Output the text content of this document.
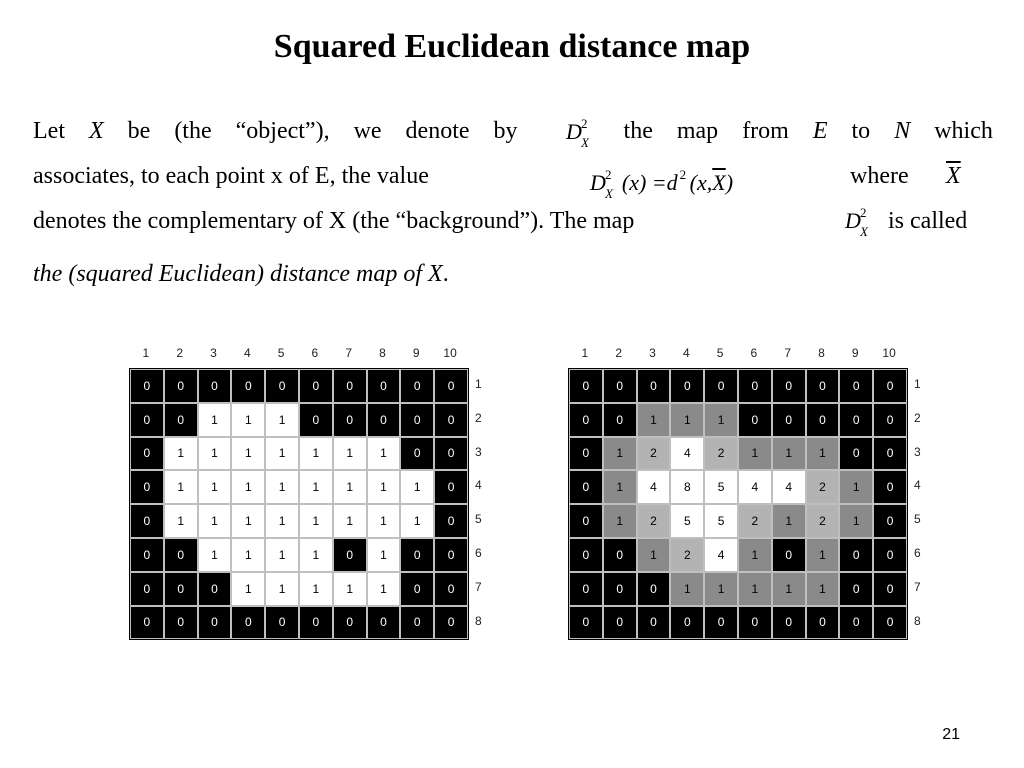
Squared Euclidean distance map
Let X be (the “object”), we denote by	the map from E to N which
D 2
X
associates, to each point x of E, the value	D 2
X (x) =d 2 $(x,\overline{X})$	where $\overline{X}$
denotes the complementary of X (the “background”). The map	D 2
X is called
the (squared Euclidean) distance map of X.
1	2	3	4	5	6	7	8	9	10
0	0	0	0	0	0	0	0	0	0
0	0	1	1	1	0	0	0	0	0
0	1	1	1	1	1	1	1	0	0
0	1	1	1	1	1	1	1	1	0
0	1	1	1	1	1	1	1	1	0
0	0	1	1	1	1	0	1	0	0
0	0	0	1	1	1	1	1	0	0
0	0	0	0	0	0	0	0	0	0
1
2
3
4
5
6
7
8
1	2	3	4	5	6	7	8	9	10
0	0	0	0	0	0	0	0	0	0
0	0	1	1	1	0	0	0	0	0
0	1	2	4	2	1	1	1	0	0
0	1	4	8	5	4	4	2	1	0
0	1	2	5	5	2	1	2	1	0
0	0	1	2	4	1	0	1	0	0
0	0	0	1	1	1	1	1	0	0
0	0	0	0	0	0	0	0	0	0
1
2
3
4
5
6
7
8
21
